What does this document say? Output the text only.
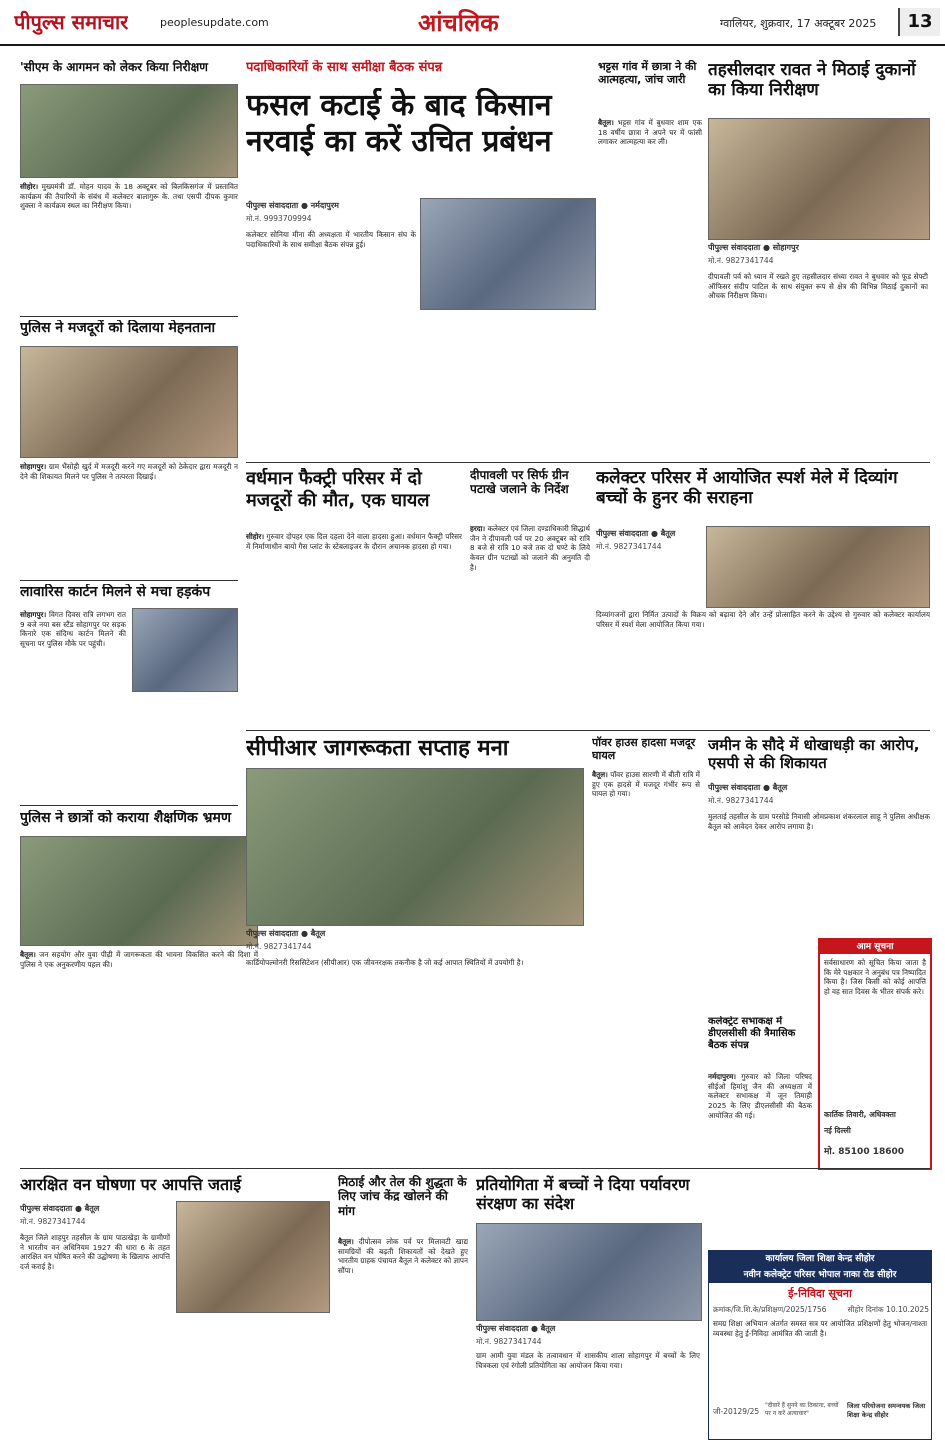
पीपुल्स समाचार	peoplesupdate.com	आंचलिक	ग्वालियर, शुक्रवार, 17 अक्टूबर 2025	13
'सीएम के आगमन को लेकर किया निरीक्षण
सीहोर। मुख्यमंत्री डॉ. मोहन यादव के 18 अक्टूबर को बिलकिसगंज में प्रस्तावित कार्यक्रम की तैयारियों के संबंध में कलेक्टर बालागुरू के. तथा एसपी दीपक कुमार शुक्ला ने कार्यक्रम स्थल का निरीक्षण किया।
पुलिस ने मजदूरों को दिलाया मेहनताना
सोहागपुर। ग्राम भैंसोही खुर्द में मजदूरी करने गए मजदूरों को ठेकेदार द्वारा मजदूरी न देने की शिकायत मिलने पर पुलिस ने तत्परता दिखाई।
लावारिस कार्टन मिलने से मचा हड़कंप
सोहागपुर। विगत दिवस रात्रि लगभग रात 9 बजे नया बस स्टैंड सोहागपुर पर सड़क किनारे एक संदिग्ध कार्टन मिलने की सूचना पर पुलिस मौके पर पहुंची।
पुलिस ने छात्रों को कराया शैक्षणिक भ्रमण
बैतूल। जन सहयोग और युवा पीढ़ी में जागरूकता की भावना विकसित करने की दिशा में पुलिस ने एक अनुकरणीय पहल की।
पदाधिकारियों के साथ समीक्षा बैठक संपन्न
फसल कटाई के बाद किसान नरवाई का करें उचित प्रबंधन
पीपुल्स संवाददाता ● नर्मदापुरम
मो.नं. 9993709994
कलेक्टर सोनिया मीना की अध्यक्षता में भारतीय किसान संघ के पदाधिकारियों के साथ समीक्षा बैठक संपन्न हुई।
भट्टस गांव में छात्रा ने की आत्महत्या, जांच जारी
बैतूल। भट्टस गांव में बुधवार शाम एक 18 वर्षीय छात्रा ने अपने घर में फांसी लगाकर आत्महत्या कर ली।
तहसीलदार रावत ने मिठाई दुकानों का किया निरीक्षण
पीपुल्स संवाददाता ● सोहागपुर
मो.नं. 9827341744
दीपावली पर्व को ध्यान में रखते हुए तहसीलदार संध्या रावत ने बुधवार को फूड सेफ्टी ऑफिसर संदीप पाटिल के साथ संयुक्त रूप से क्षेत्र की विभिन्न मिठाई दुकानों का औचक निरीक्षण किया।
वर्धमान फैक्ट्री परिसर में दो मजदूरों की मौत, एक घायल
सीहोर। गुरुवार दोपहर एक दिल दहला देने वाला हादसा हुआ। वर्धमान फैक्ट्री परिसर में निर्माणाधीन बायो गैस प्लांट के स्टेबलाइजर के दौरान अचानक हादसा हो गया।
दीपावली पर सिर्फ ग्रीन पटाखे जलाने के निर्देश
हरदा। कलेक्टर एवं जिला दण्डाधिकारी सिद्धार्थ जैन ने दीपावली पर्व पर 20 अक्टूबर को रात्रि 8 बजे से रात्रि 10 बजे तक दो घण्टे के लिये केवल ग्रीन पटाखों को जलाने की अनुमति दी है।
कलेक्टर परिसर में आयोजित स्पर्श मेले में दिव्यांग बच्चों के हुनर की सराहना
पीपुल्स संवाददाता ● बैतूल
मो.नं. 9827341744
दिव्यांगजनों द्वारा निर्मित उत्पादों के विक्रय को बढ़ावा देने और उन्हें प्रोत्साहित करने के उद्देश्य से गुरुवार को कलेक्टर कार्यालय परिसर में स्पर्श मेला आयोजित किया गया।
सीपीआर जागरूकता सप्ताह मना
पीपुल्स संवाददाता ● बैतूल
मो.नं. 9827341744
कार्डियोपल्मोनरी रिससिटेशन (सीपीआर) एक जीवनरक्षक तकनीक है जो कई आपात स्थितियों में उपयोगी है।
पॉवर हाउस हादसा मजदूर घायल
बैतूल। पॉवर हाउस सारणी में बीती रात्रि में हुए एक हादसे में मजदूर गंभीर रूप से घायल हो गया।
जमीन के सौदे में धोखाधड़ी का आरोप, एसपी से की शिकायत
पीपुल्स संवाददाता ● बैतूल
मो.नं. 9827341744
मुलताई तहसील के ग्राम परसोडे निवासी ओमप्रकाश शंकरलाल साहू ने पुलिस अधीक्षक बैतूल को आवेदन देकर आरोप लगाया है।
कलेक्ट्रेट सभाकक्ष में डीएलसीसी की त्रैमासिक बैठक संपन्न
नर्मदापुरम। गुरुवार को जिला परिषद सीईओ हिमांशु जैन की अध्यक्षता में कलेक्टर सभाकक्ष में जून तिमाही 2025 के लिए डीएलसीसी की बैठक आयोजित की गई।
आम सूचना
सर्वसाधारण को सूचित किया जाता है कि मेरे पक्षकार ने अनुबंध पत्र निष्पादित किया है। जिस किसी को कोई आपत्ति हो वह सात दिवस के भीतर संपर्क करे।
कार्तिक तिवारी, अधिवक्ता
नई दिल्ली
मो. 85100 18600
आरक्षित वन घोषणा पर आपत्ति जताई
पीपुल्स संवाददाता ● बैतूल
मो.नं. 9827341744
बैतूल जिले शाहपुर तहसील के ग्राम पाठाखेड़ा के ग्रामीणों ने भारतीय वन अधिनियम 1927 की धारा 6 के तहत आरक्षित वन घोषित करने की उद्घोषणा के खिलाफ आपत्ति दर्ज कराई है।
मिठाई और तेल की शुद्धता के लिए जांच केंद्र खोलने की मांग
बैतूल। दीपोत्सव लोक पर्व पर मिलावटी खाद्य सामग्रियों की बढ़ती शिकायतों को देखते हुए भारतीय ग्राहक पंचायत बैतूल ने कलेक्टर को ज्ञापन सौंपा।
प्रतियोगिता में बच्चों ने दिया पर्यावरण संरक्षण का संदेश
पीपुल्स संवाददाता ● बैतूल
मो.नं. 9827341744
ग्राम आमी युवा मंडल के तत्वावधान में शासकीय शाला सोहागपुर में बच्चों के लिए चित्रकला एवं रंगोली प्रतियोगिता का आयोजन किया गया।
कार्यालय जिला शिक्षा केन्द्र सीहोर
नवीन कलेक्ट्रेट परिसर भोपाल नाका रोड सीहोर
ई-निविदा सूचना
क्रमांक/जि.शि.के/प्रशिक्षण/2025/1756	सीहोर दिनांक 10.10.2025
समग्र शिक्षा अभियान अंतर्गत समस्त सत्र पर आयोजित प्रशिक्षणों हेतु भोजन/नाश्ता व्यवस्था हेतु ई-निविदा आमंत्रित की जाती है।
जी-20129/25
"दीवारें हैं सुनने का ठिकाना, बच्चों पर न करें अत्याचार"
जिला परियोजना समन्वयक जिला शिक्षा केन्द्र सीहोर
